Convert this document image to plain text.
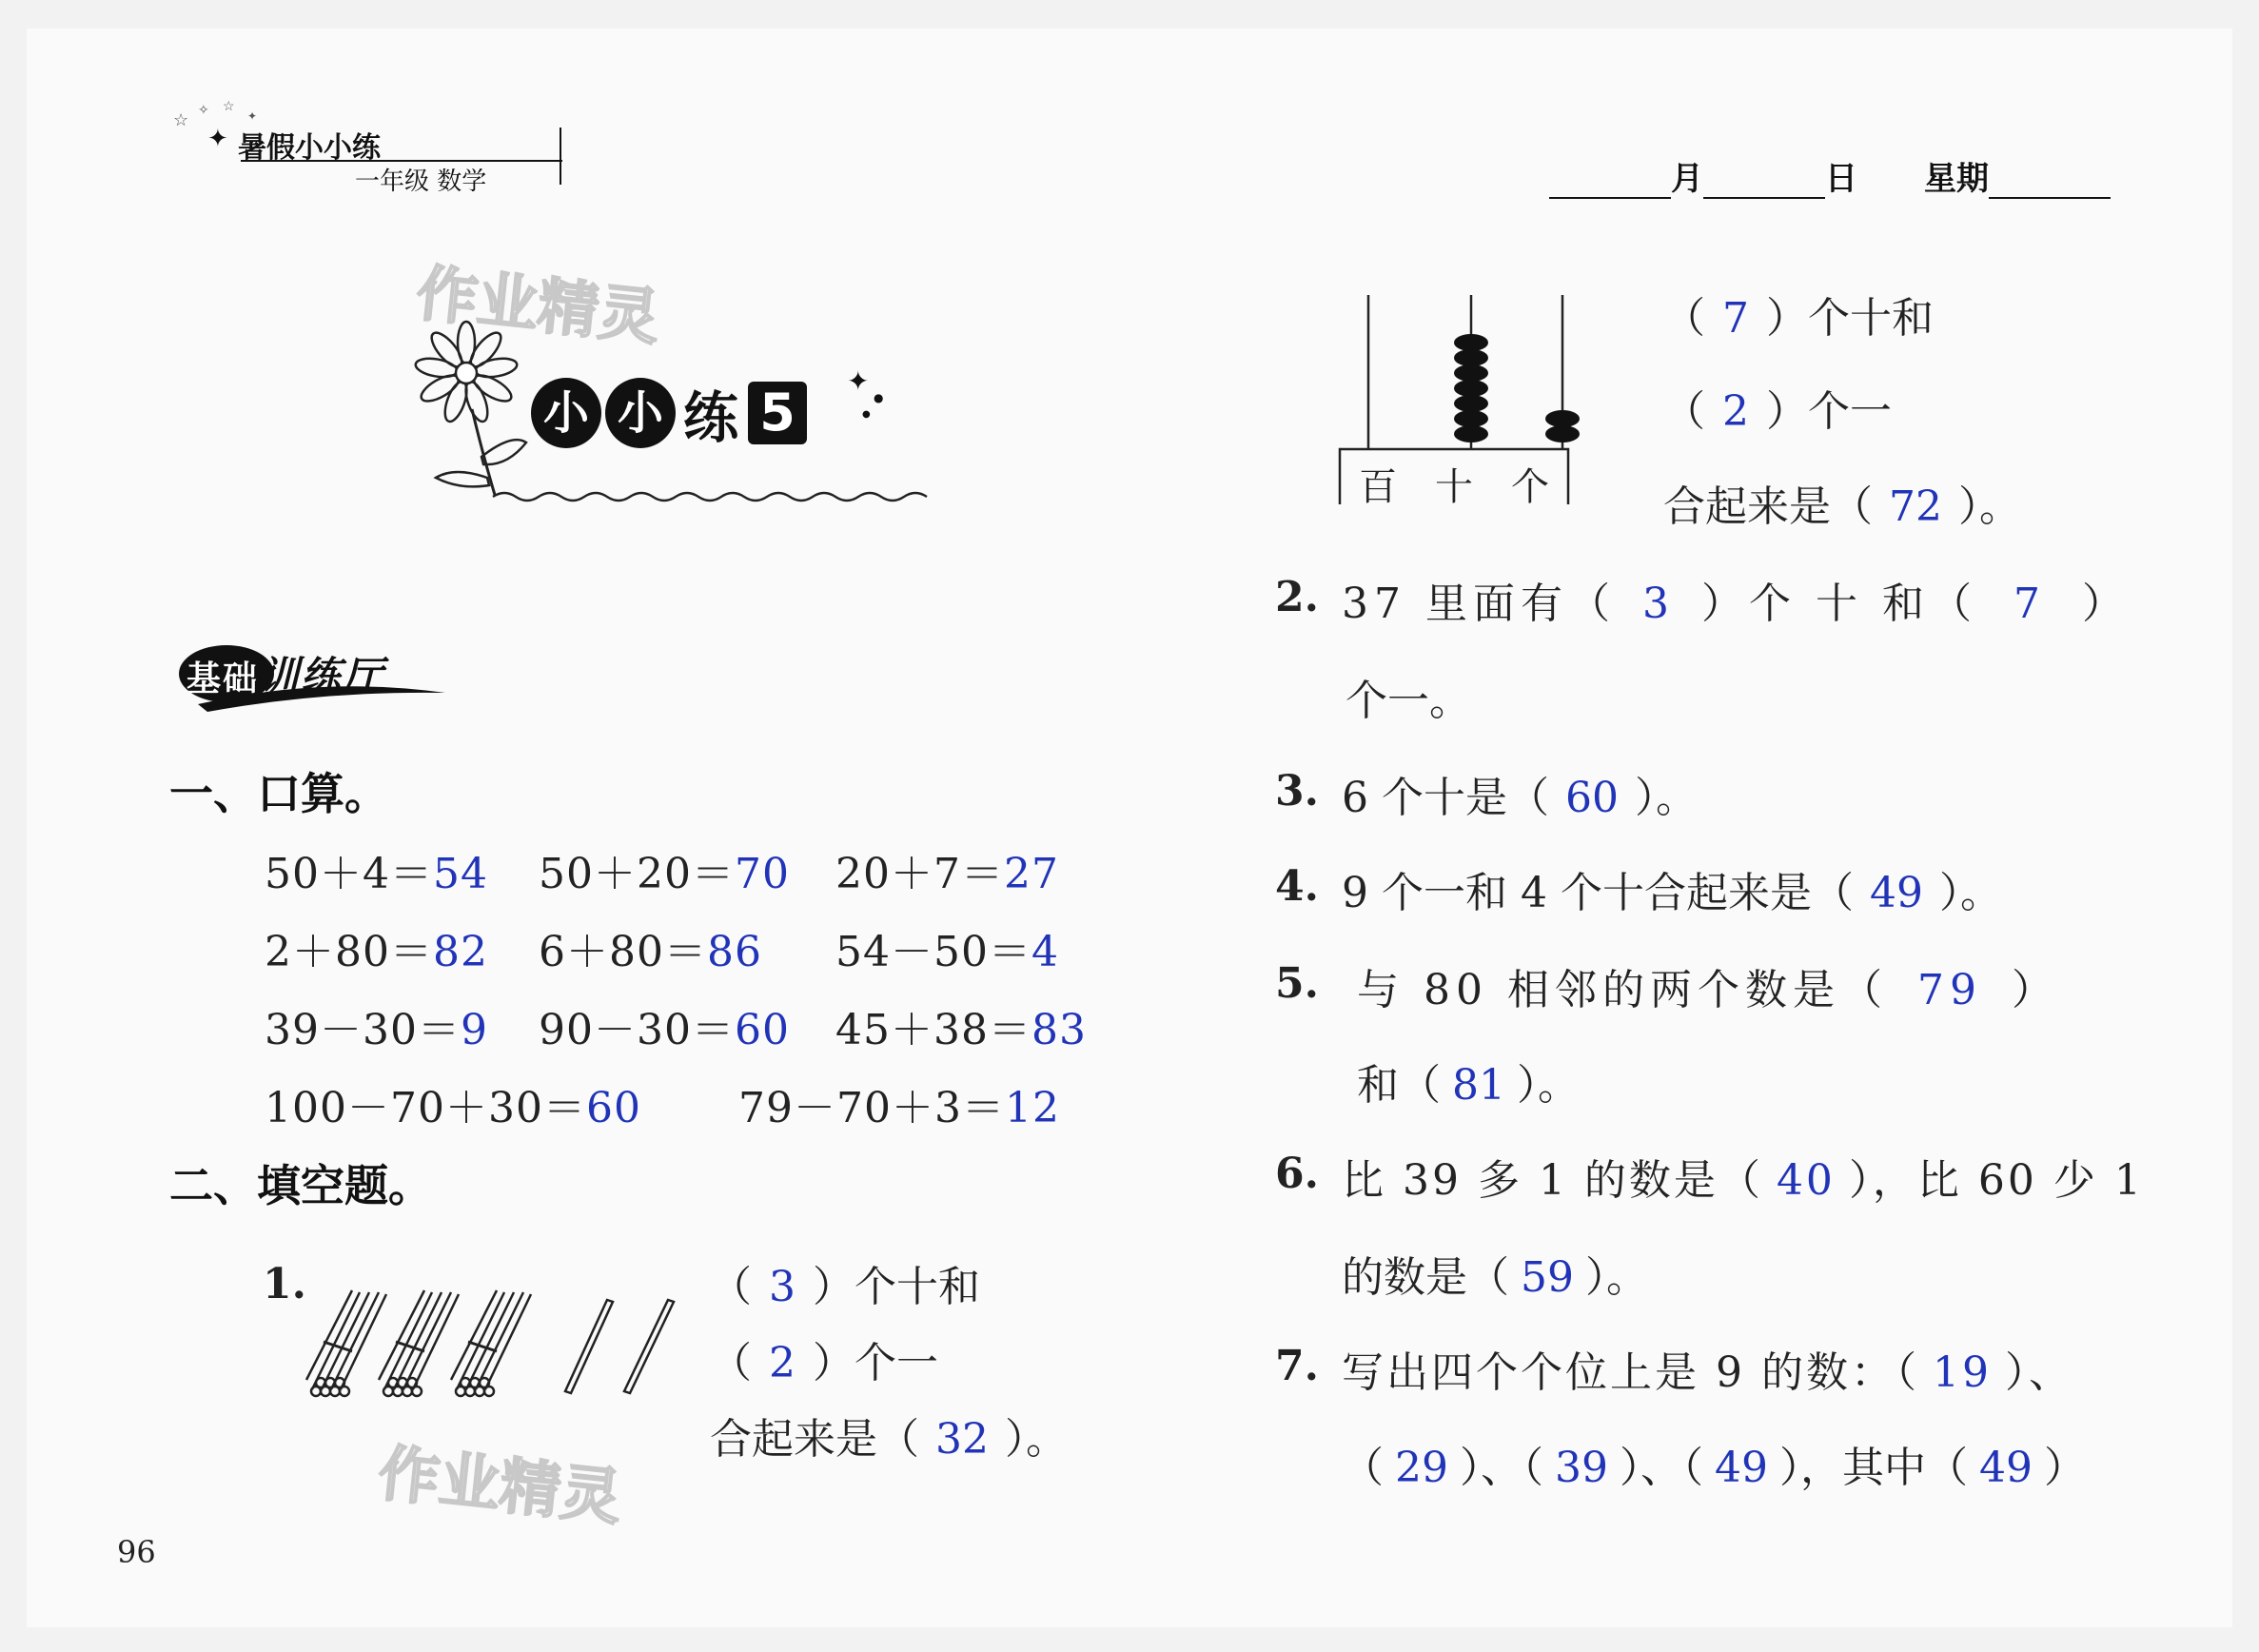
☆ ✧ ☆
✦
✦ 暑假小小练
一年级 数学	月	日 星期
作业精灵
✦
●
●
小 小 练 5
基础训练厅
一、口算。
50＋4＝54 50＋20＝70 20＋7＝27
2＋80＝82 6＋80＝86 54－50＝4
39－30＝9 90－30＝60 45＋38＝83
100－70＋30＝60 79－70＋3＝12
二、填空题。
1.	（ 3 ）个十和
（ 2 ）个一
合起来是（ 32 ）。
作业精灵
96
百 十 个
（ 7 ）个十和
（ 2 ）个一
合起来是（ 72 ）。
2. 37 里面有（ 3 ）个 十 和（ 7 ）
个一。
3. 6 个十是（ 60 ）。
4. 9 个一和 4 个十合起来是（ 49 ）。
5. 与 80 相邻的两个数是（ 79 ）
和（ 81 ）。
6. 比 39 多 1 的数是（ 40 ），比 60 少 1
的数是（ 59 ）。
7. 写出四个个位上是 9 的数：（ 19 ）、
（ 29 ）、（ 39 ）、（ 49 ），其中（ 49 ）
